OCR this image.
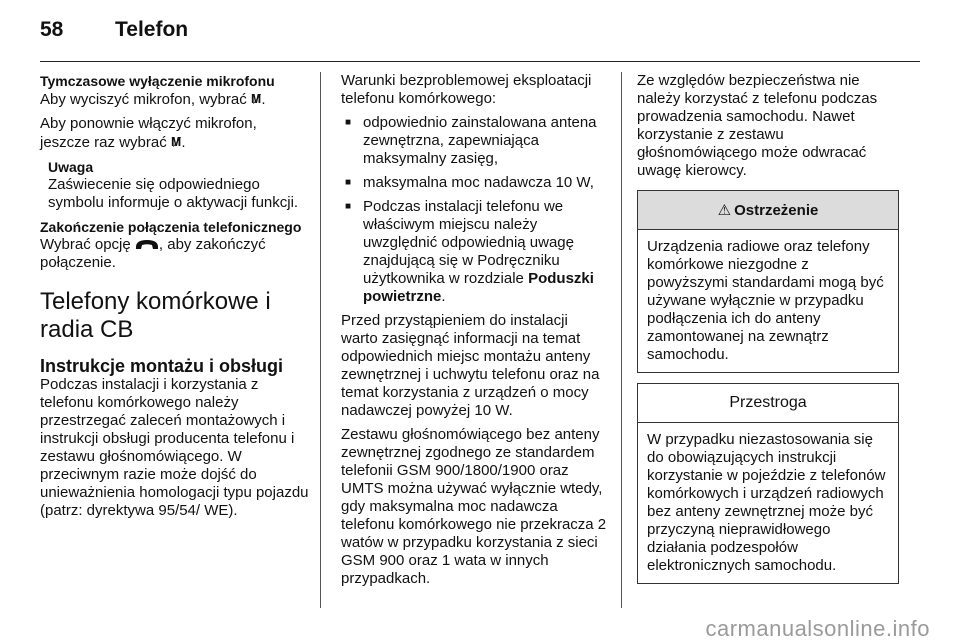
58	Telefon
Tymczasowe wyłączenie mikrofonu

Aby wyciszyć mikrofon, wybrać 𝚳̸.

Aby ponownie włączyć mikrofon, jeszcze raz wybrać 𝚳̸.

Uwaga

Zaświecenie się odpowiedniego symbolu informuje o aktywacji funkcji.

Zakończenie połączenia telefonicznego

Wybrać opcję , aby zakończyć połączenie.

Telefony komórkowe i radia CB
Instrukcje montażu i obsługi

Podczas instalacji i korzystania z telefonu komórkowego należy przestrzegać zaleceń montażowych i instrukcji obsługi producenta telefonu i zestawu głośnomówiącego. W przeciwnym razie może dojść do unieważnienia homologacji typu pojazdu (patrz: dyrektywa 95/54/ WE).

Warunki bezproblemowej eksploatacji telefonu komórkowego:

■ odpowiednio zainstalowana antena zewnętrzna, zapewniająca maksymalny zasięg,
■ maksymalna moc nadawcza 10 W,
■ Podczas instalacji telefonu we właściwym miejscu należy uwzględnić odpowiednią uwagę znajdującą się w Podręczniku użytkownika w rozdziale Poduszki powietrzne.

Przed przystąpieniem do instalacji warto zasięgnąć informacji na temat odpowiednich miejsc montażu anteny zewnętrznej i uchwytu telefonu oraz na temat korzystania z urządzeń o mocy nadawczej powyżej 10 W.

Zestawu głośnomówiącego bez anteny zewnętrznej zgodnego ze standardem telefonii GSM 900/1800/1900 oraz UMTS można używać wyłącznie wtedy, gdy maksymalna moc nadawcza telefonu komórkowego nie przekracza 2 watów w przypadku korzystania z sieci GSM 900 oraz 1 wata w innych przypadkach.

Ze względów bezpieczeństwa nie należy korzystać z telefonu podczas prowadzenia samochodu. Nawet korzystanie z zestawu głośnomówiącego może odwracać uwagę kierowcy.

⚠ Ostrzeżenie

Urządzenia radiowe oraz telefony komórkowe niezgodne z powyższymi standardami mogą być używane wyłącznie w przypadku podłączenia ich do anteny zamontowanej na zewnątrz samochodu.

Przestroga

W przypadku niezastosowania się do obowiązujących instrukcji korzystanie w pojeździe z telefonów komórkowych i urządzeń radiowych bez anteny zewnętrznej może być przyczyną nieprawidłowego działania podzespołów elektronicznych samochodu.

carmanualsonline.info
